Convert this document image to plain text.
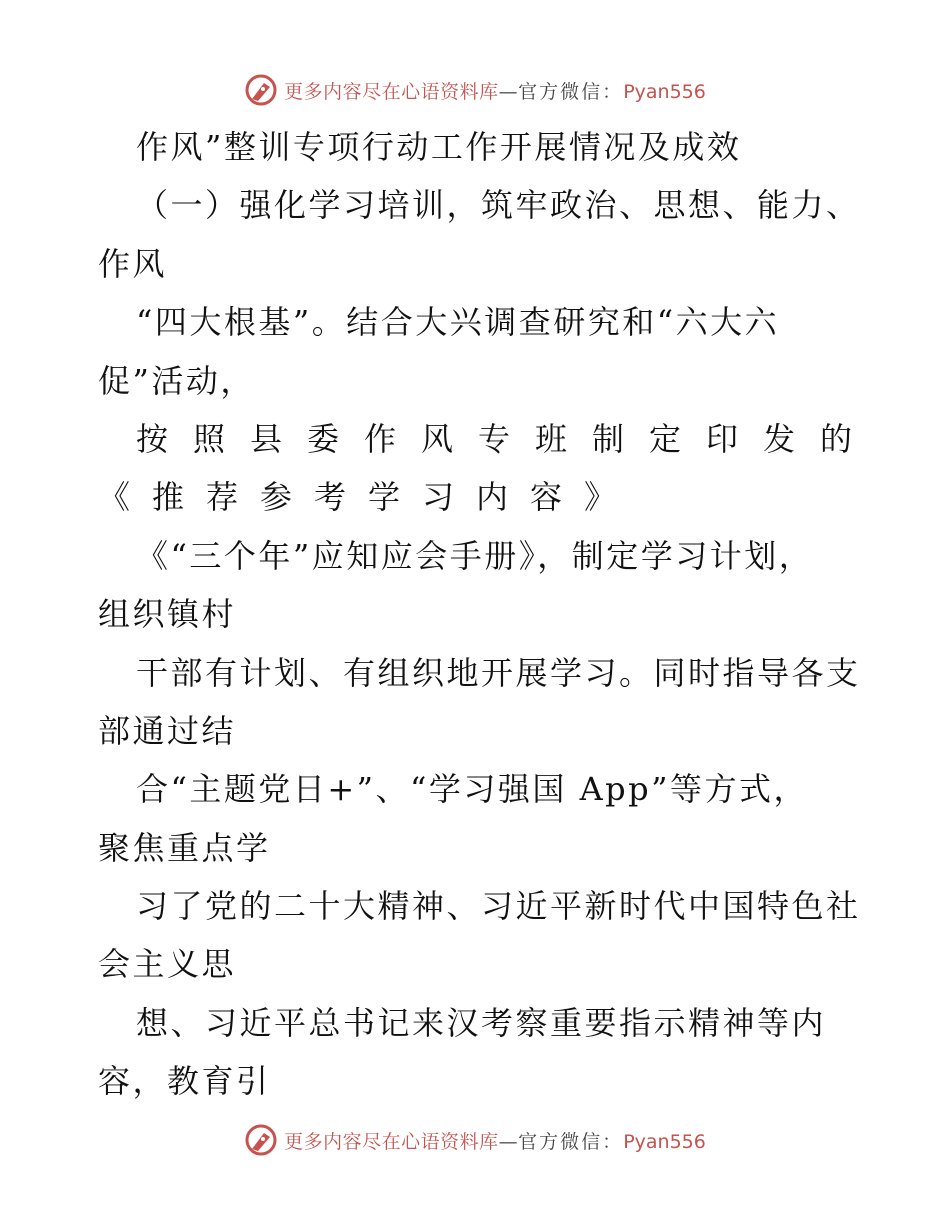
更多内容尽在心语资料库—官方微信：Pyan556
作风”整训专项行动工作开展情况及成效
（一）强化学习培训，筑牢政治、思想、能力、
作风
“四大根基”。结合大兴调查研究和“六大六
促”活动，
按照县委作风专班制定印发的
《推荐参考学习内容》
《“三个年”应知应会手册》，制定学习计划，
组织镇村
干部有计划、有组织地开展学习。同时指导各支
部通过结
合“主题党日+”、“学习强国 App”等方式，
聚焦重点学
习了党的二十大精神、习近平新时代中国特色社
会主义思
想、习近平总书记来汉考察重要指示精神等内
容，教育引
更多内容尽在心语资料库—官方微信：Pyan556
